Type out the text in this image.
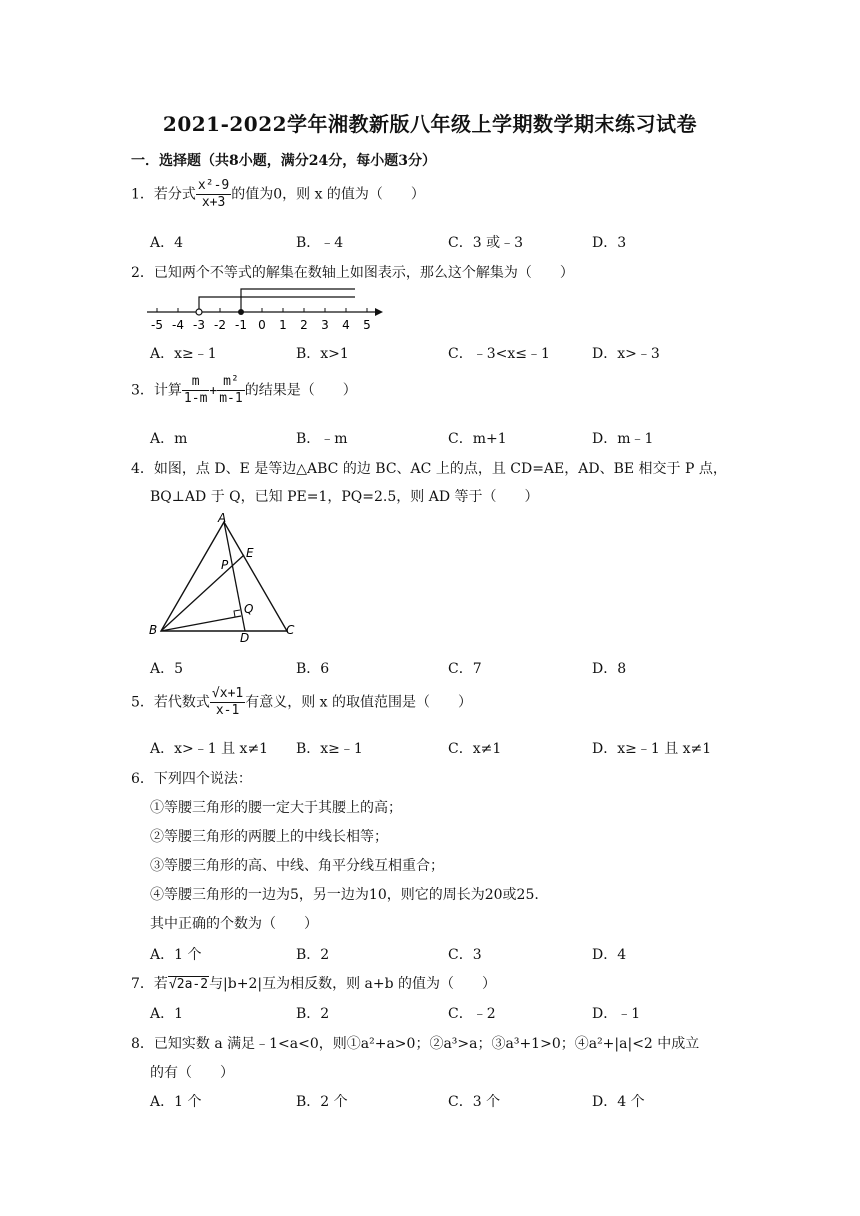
2021-2022学年湘教新版八年级上学期数学期末练习试卷
一．选择题（共8小题，满分24分，每小题3分）
1．若分式 $\frac{\text{x²-9}}{x+3}$ 的值为0，则 x 的值为（　　）
A．4	B．﹣4	C．3 或﹣3	D．3
2．已知两个不等式的解集在数轴上如图表示，那么这个解集为（　　）
-5 -4 -3 -2 -1 0 1 2 3 4 5
A．x≥﹣1	B．x>1	C．﹣3<x≤﹣1	D．x>﹣3
3．计算 $\frac{m}{1-m} + \frac{\text{m²}}{m-1}$ 的结果是（　　）
A．m	B．﹣m	C．m+1	D．m﹣1
4．如图，点 D、E 是等边△ABC 的边 BC、AC 上的点，且 CD=AE，AD、BE 相交于 P 点，
BQ⊥AD 于 Q，已知 PE=1，PQ=2.5，则 AD 等于（　　）
A
B	C
D
E
P
Q
A．5	B．6	C．7	D．8
5．若代数式 $\frac{√x+1}{x-1}$ 有意义，则 x 的取值范围是（　　）
A．x>﹣1 且 x≠1 B．x≥﹣1	C．x≠1	D．x≥﹣1 且 x≠1
6．下列四个说法：
①等腰三角形的腰一定大于其腰上的高；
②等腰三角形的两腰上的中线长相等；
③等腰三角形的高、中线、角平分线互相重合；
④等腰三角形的一边为5，另一边为10，则它的周长为20或25.
其中正确的个数为（　　）
A．1 个	B．2	C．3	D．4
7．若√2a-2与|b+2|互为相反数，则 a+b 的值为（　　）
A．1	B．2	C．﹣2	D．﹣1
8．已知实数 a 满足﹣1<a<0，则①a²+a>0；②a³>a；③a³+1>0；④a²+|a|<2 中成立
的有（　　）
A．1 个	B．2 个	C．3 个	D．4 个
